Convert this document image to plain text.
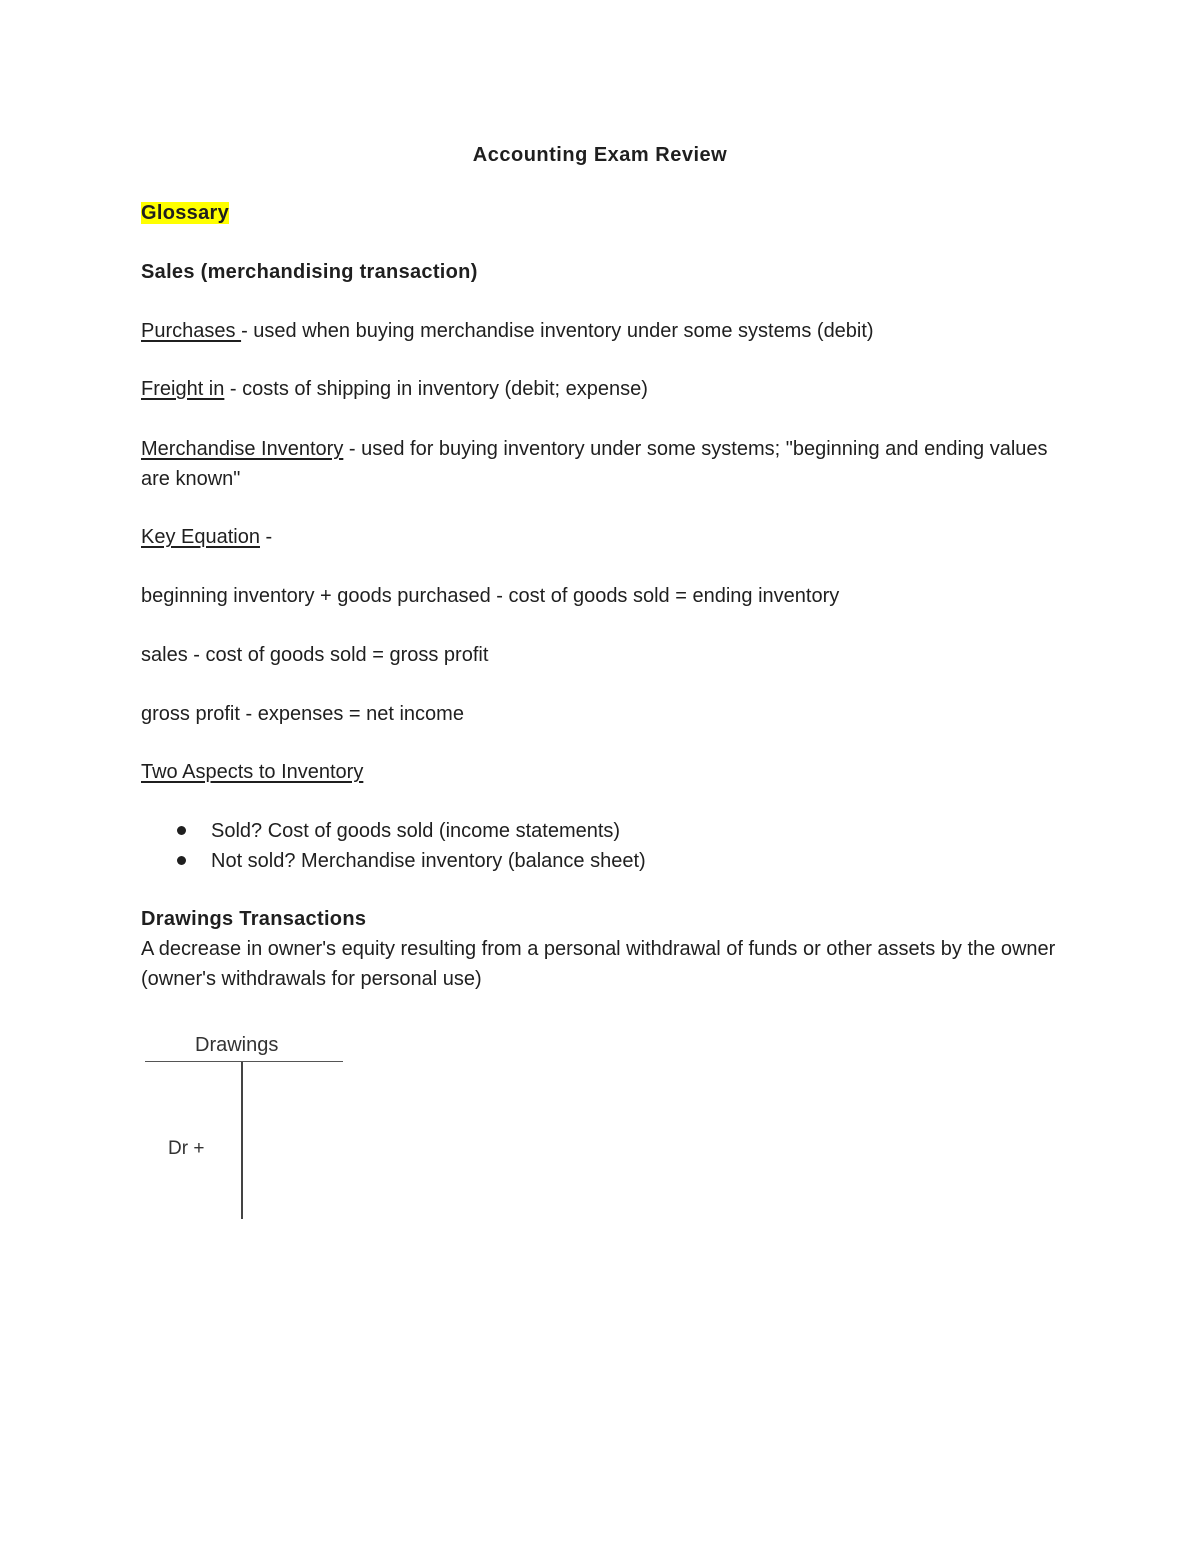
Accounting Exam Review
Glossary
Sales (merchandising transaction)
Purchases - used when buying merchandise inventory under some systems (debit)
Freight in - costs of shipping in inventory (debit; expense)
Merchandise Inventory - used for buying inventory under some systems; "beginning and ending values are known"
Key Equation -
beginning inventory + goods purchased - cost of goods sold = ending inventory
sales - cost of goods sold = gross profit
gross profit - expenses = net income
Two Aspects to Inventory
Sold? Cost of goods sold (income statements)
Not sold? Merchandise inventory (balance sheet)
Drawings Transactions
A decrease in owner's equity resulting from a personal withdrawal of funds or other assets by the owner (owner's withdrawals for personal use)
Drawings
Dr +
